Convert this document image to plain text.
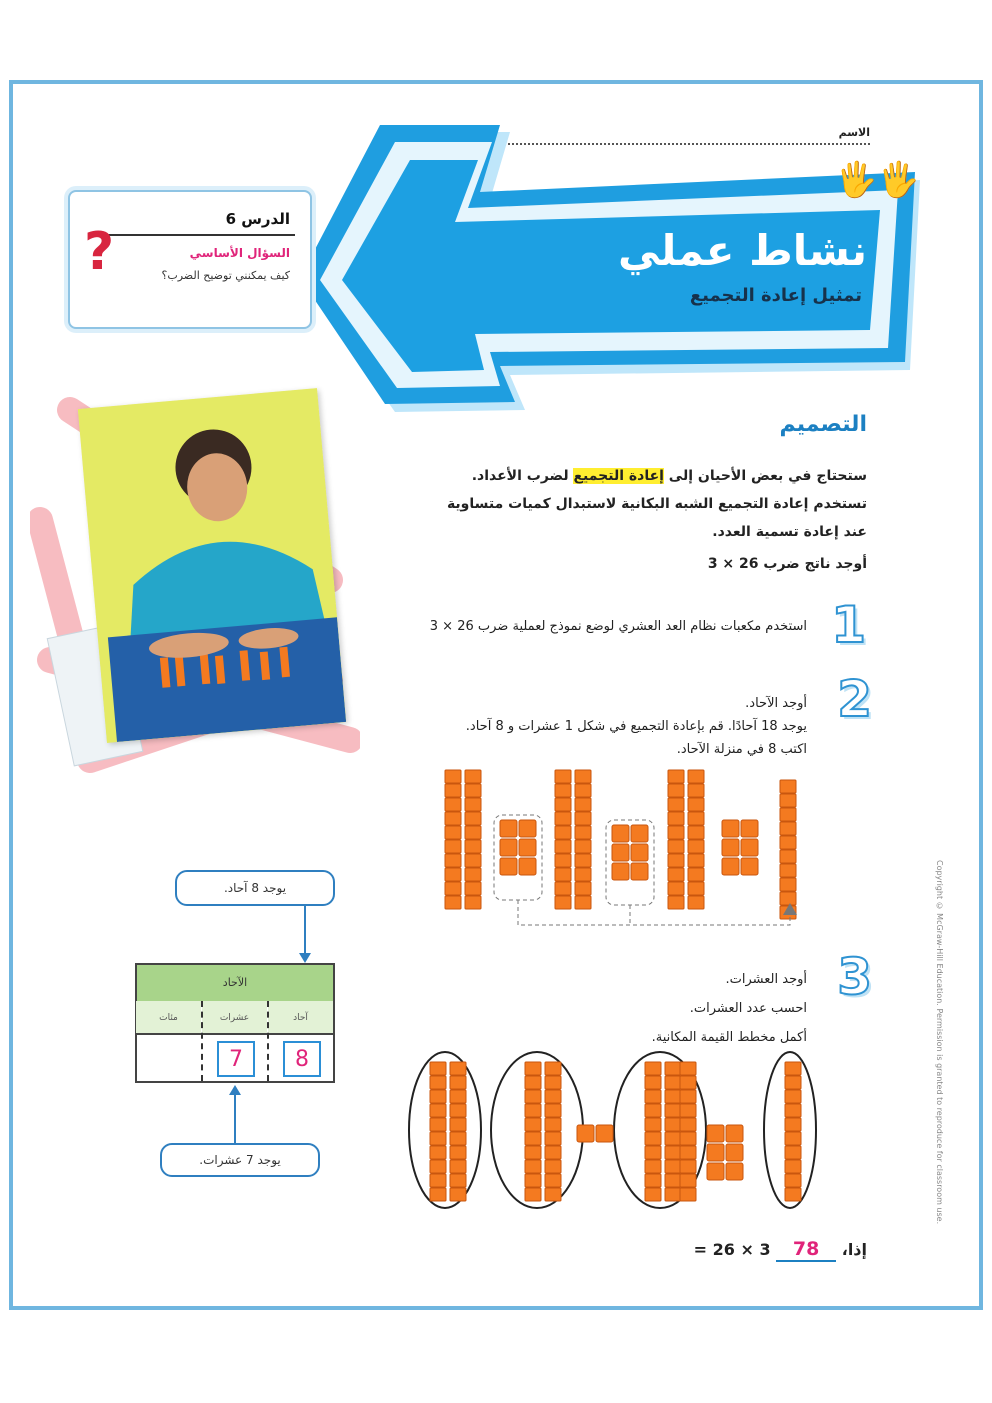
الاسم
🖐🖐
نشاط عملي
تمثيل إعادة التجميع
الدرس 6
السؤال الأساسي
كيف يمكنني توضيح الضرب؟
?
التصميم
ستحتاج في بعض الأحيان إلى إعادة التجميع لضرب الأعداد. تستخدم إعادة التجميع الشبه البكانية لاستبدال كميات متساوية عند إعادة تسمية العدد.
أوجد ناتج ضرب 26 × 3
1
استخدم مكعبات نظام العد العشري لوضع نموذج لعملية ضرب 26 × 3
2
أوجد الآحاد.
يوجد 18 آحادًا. قم بإعادة التجميع في شكل 1 عشرات و 8 آحاد.
اكتب 8 في منزلة الآحاد.
3
أوجد العشرات.
احسب عدد العشرات.
أكمل مخطط القيمة المكانية.
يوجد 8 آحاد.
الآحاد
آحاد
عشرات
مئات
8
7
يوجد 7 عشرات.
إذا، 78 3 × 26 =
Copyright © McGraw-Hill Education. Permission is granted to reproduce for classroom use.
